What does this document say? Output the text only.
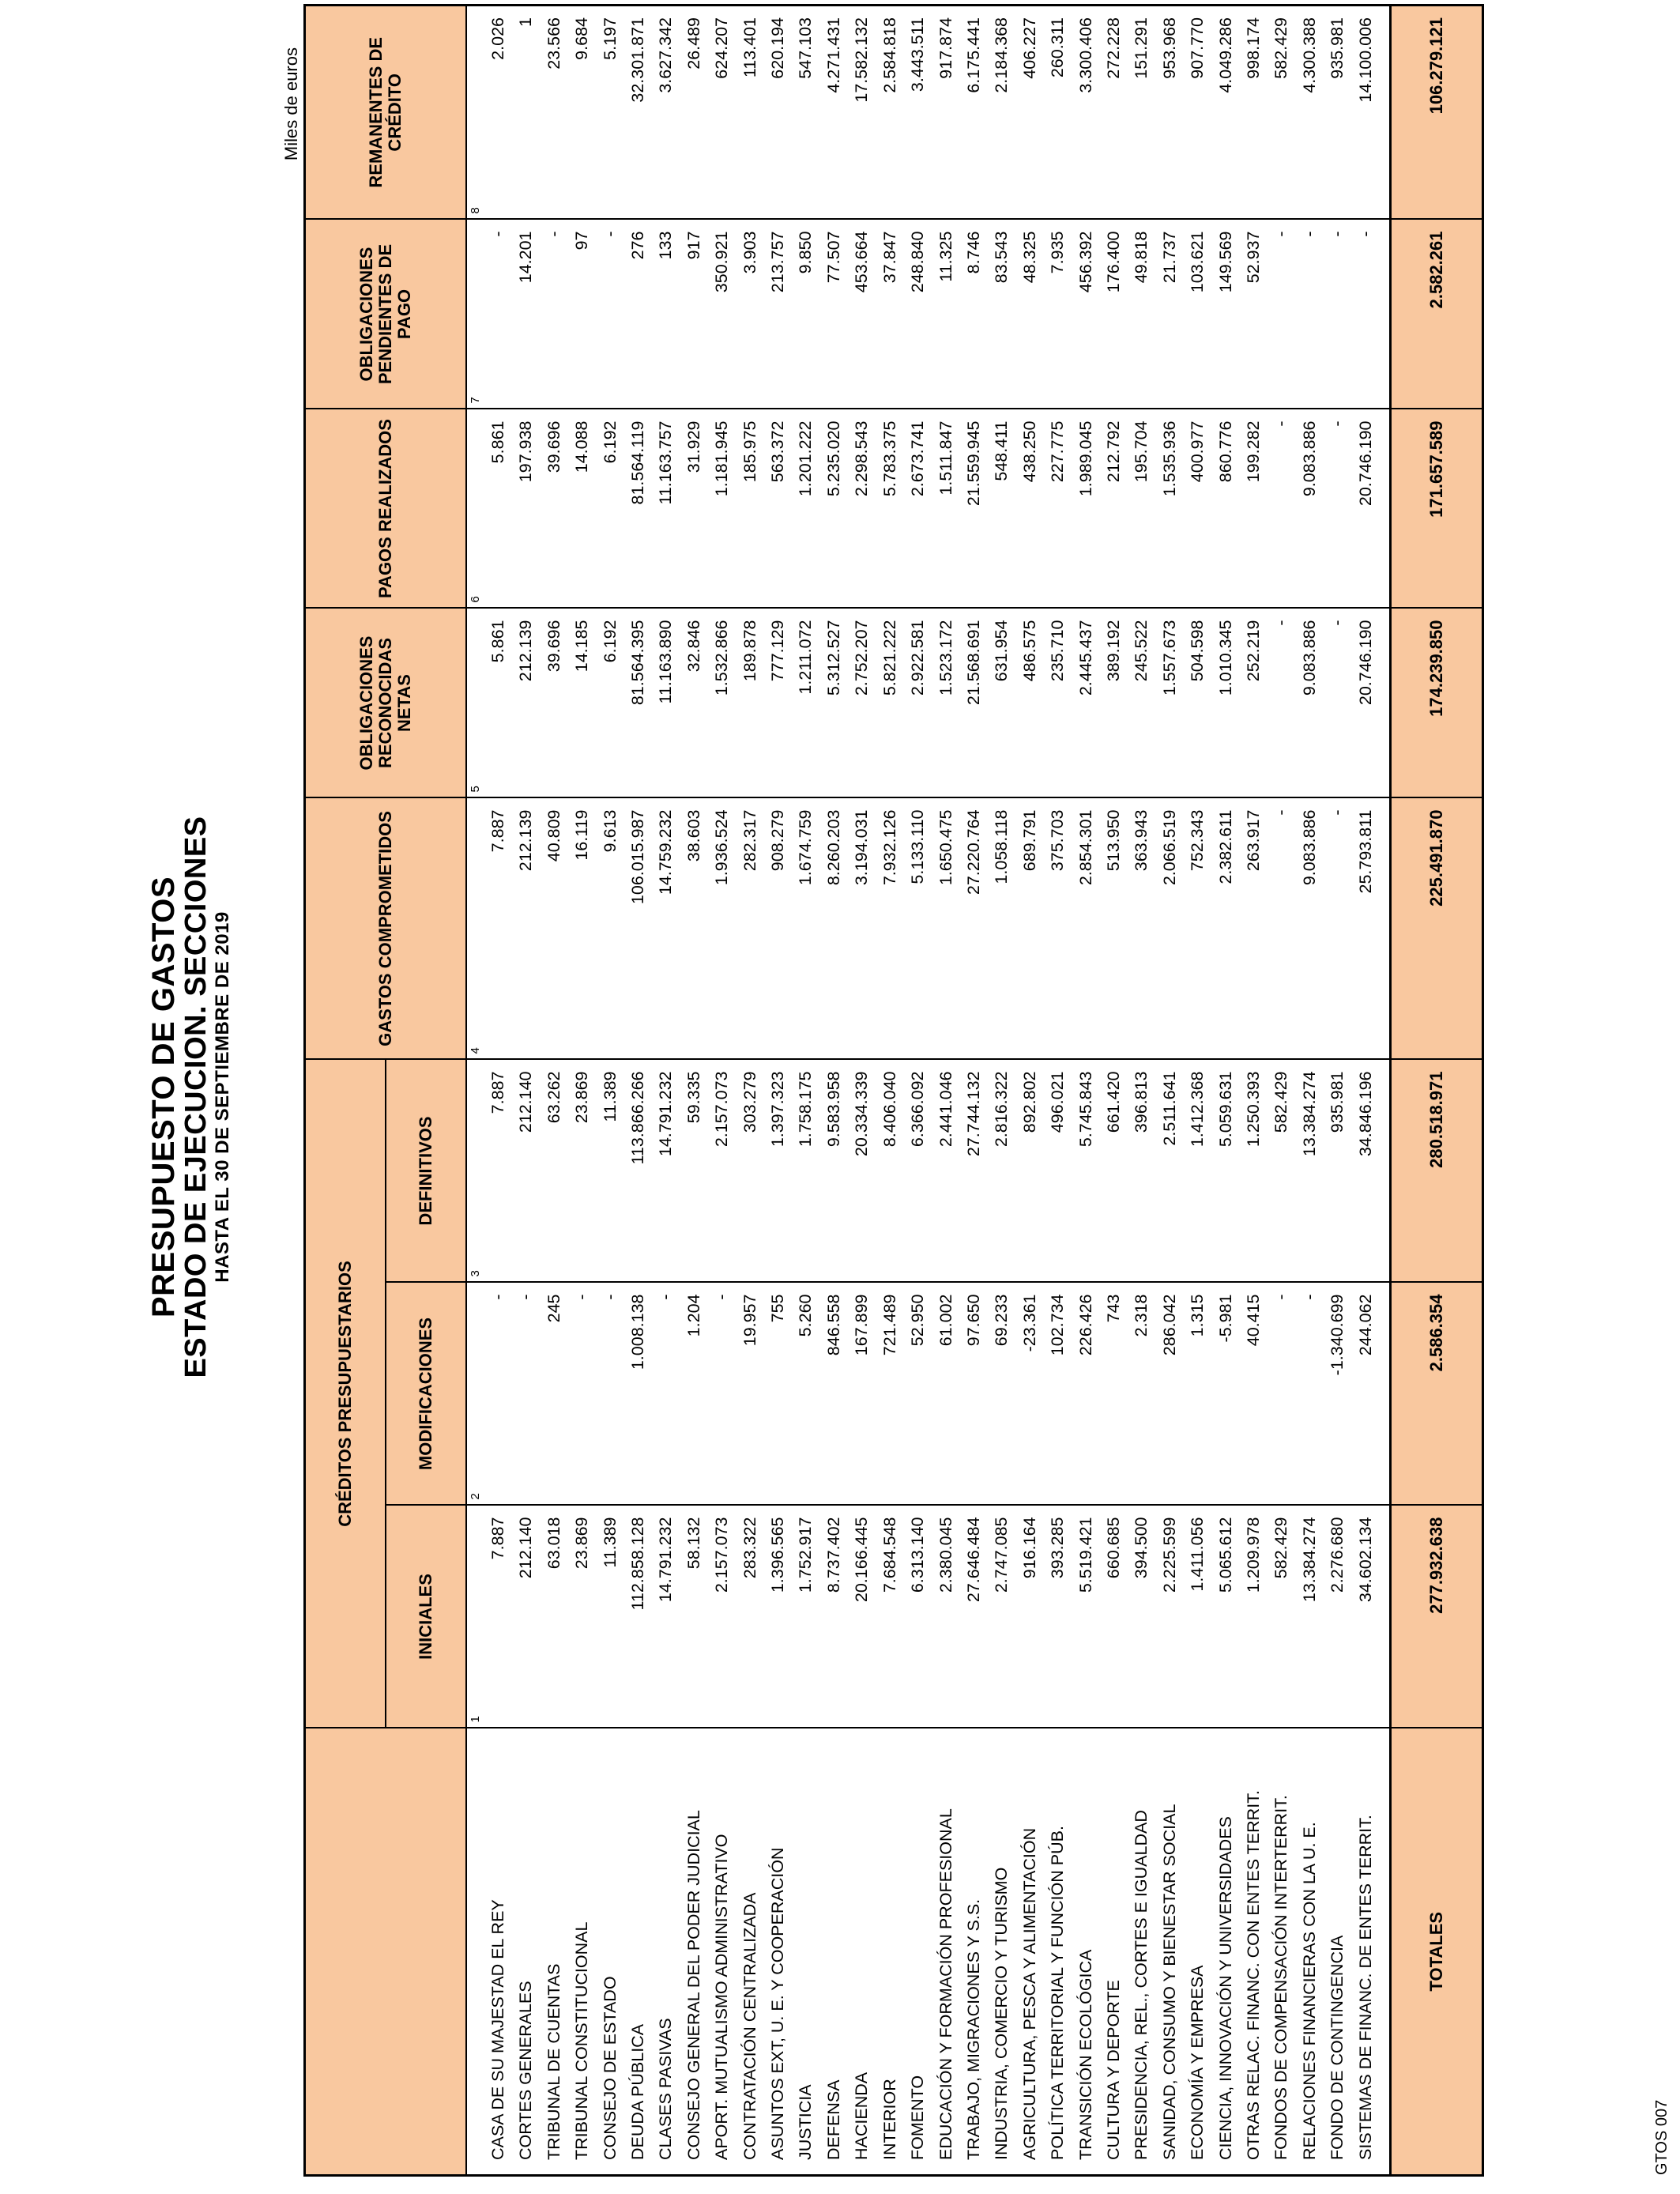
PRESUPUESTO DE GASTOS
ESTADO DE EJECUCION. SECCIONES HASTA EL 30 DE SEPTIEMBRE DE 2019
Miles de euros
	CRÉDITOS PRESUPUESTARIOS			GASTOS COMPROMETIDOS	OBLIGACIONES RECONOCIDAS NETAS	PAGOS REALIZADOS	OBLIGACIONES PENDIENTES DE PAGO	REMANENTES DE CRÉDITO
	INICIALES	MODIFICACIONES	DEFINITIVOS					
	1	2	3	4	5	6	7	8
CASA DE SU MAJESTAD EL REY	7.887	-	7.887	7.887	5.861	5.861	-	2.026
CORTES GENERALES	212.140	-	212.140	212.139	212.139	197.938	14.201	1
TRIBUNAL DE CUENTAS	63.018	245	63.262	40.809	39.696	39.696	-	23.566
TRIBUNAL CONSTITUCIONAL	23.869	-	23.869	16.119	14.185	14.088	97	9.684
CONSEJO DE ESTADO	11.389	-	11.389	9.613	6.192	6.192	-	5.197
DEUDA PÚBLICA	112.858.128	1.008.138	113.866.266	106.015.987	81.564.395	81.564.119	276	32.301.871
CLASES PASIVAS	14.791.232	-	14.791.232	14.759.232	11.163.890	11.163.757	133	3.627.342
CONSEJO GENERAL DEL PODER JUDICIAL	58.132	1.204	59.335	38.603	32.846	31.929	917	26.489
APORT. MUTUALISMO ADMINISTRATIVO	2.157.073	-	2.157.073	1.936.524	1.532.866	1.181.945	350.921	624.207
CONTRATACIÓN CENTRALIZADA	283.322	19.957	303.279	282.317	189.878	185.975	3.903	113.401
ASUNTOS EXT, U. E. Y COOPERACIÓN	1.396.565	755	1.397.323	908.279	777.129	563.372	213.757	620.194
JUSTICIA	1.752.917	5.260	1.758.175	1.674.759	1.211.072	1.201.222	9.850	547.103
DEFENSA	8.737.402	846.558	9.583.958	8.260.203	5.312.527	5.235.020	77.507	4.271.431
HACIENDA	20.166.445	167.899	20.334.339	3.194.031	2.752.207	2.298.543	453.664	17.582.132
INTERIOR	7.684.548	721.489	8.406.040	7.932.126	5.821.222	5.783.375	37.847	2.584.818
FOMENTO	6.313.140	52.950	6.366.092	5.133.110	2.922.581	2.673.741	248.840	3.443.511
EDUCACIÓN Y FORMACIÓN PROFESIONAL	2.380.045	61.002	2.441.046	1.650.475	1.523.172	1.511.847	11.325	917.874
TRABAJO, MIGRACIONES Y S.S.	27.646.484	97.650	27.744.132	27.220.764	21.568.691	21.559.945	8.746	6.175.441
INDUSTRIA, COMERCIO Y TURISMO	2.747.085	69.233	2.816.322	1.058.118	631.954	548.411	83.543	2.184.368
AGRICULTURA, PESCA Y ALIMENTACIÓN	916.164	-23.361	892.802	689.791	486.575	438.250	48.325	406.227
POLÍTICA TERRITORIAL Y FUNCIÓN PÚB.	393.285	102.734	496.021	375.703	235.710	227.775	7.935	260.311
TRANSICIÓN ECOLÓGICA	5.519.421	226.426	5.745.843	2.854.301	2.445.437	1.989.045	456.392	3.300.406
CULTURA Y DEPORTE	660.685	743	661.420	513.950	389.192	212.792	176.400	272.228
PRESIDENCIA, REL., CORTES E IGUALDAD	394.500	2.318	396.813	363.943	245.522	195.704	49.818	151.291
SANIDAD, CONSUMO Y BIENESTAR SOCIAL	2.225.599	286.042	2.511.641	2.066.519	1.557.673	1.535.936	21.737	953.968
ECONOMÍA Y EMPRESA	1.411.056	1.315	1.412.368	752.343	504.598	400.977	103.621	907.770
CIENCIA, INNOVACIÓN Y UNIVERSIDADES	5.065.612	-5.981	5.059.631	2.382.611	1.010.345	860.776	149.569	4.049.286
OTRAS RELAC. FINANC. CON ENTES TERRIT.	1.209.978	40.415	1.250.393	263.917	252.219	199.282	52.937	998.174
FONDOS DE COMPENSACIÓN INTERTERRIT.	582.429	-	582.429	-	-	-	-	582.429
RELACIONES FINANCIERAS CON LA U. E.	13.384.274	-	13.384.274	9.083.886	9.083.886	9.083.886	-	4.300.388
FONDO DE CONTINGENCIA	2.276.680	-1.340.699	935.981	-	-	-	-	935.981
SISTEMAS DE FINANC. DE ENTES TERRIT.	34.602.134	244.062	34.846.196	25.793.811	20.746.190	20.746.190	-	14.100.006
TOTALES	277.932.638	2.586.354	280.518.971	225.491.870	174.239.850	171.657.589	2.582.261	106.279.121
GTOS 007
